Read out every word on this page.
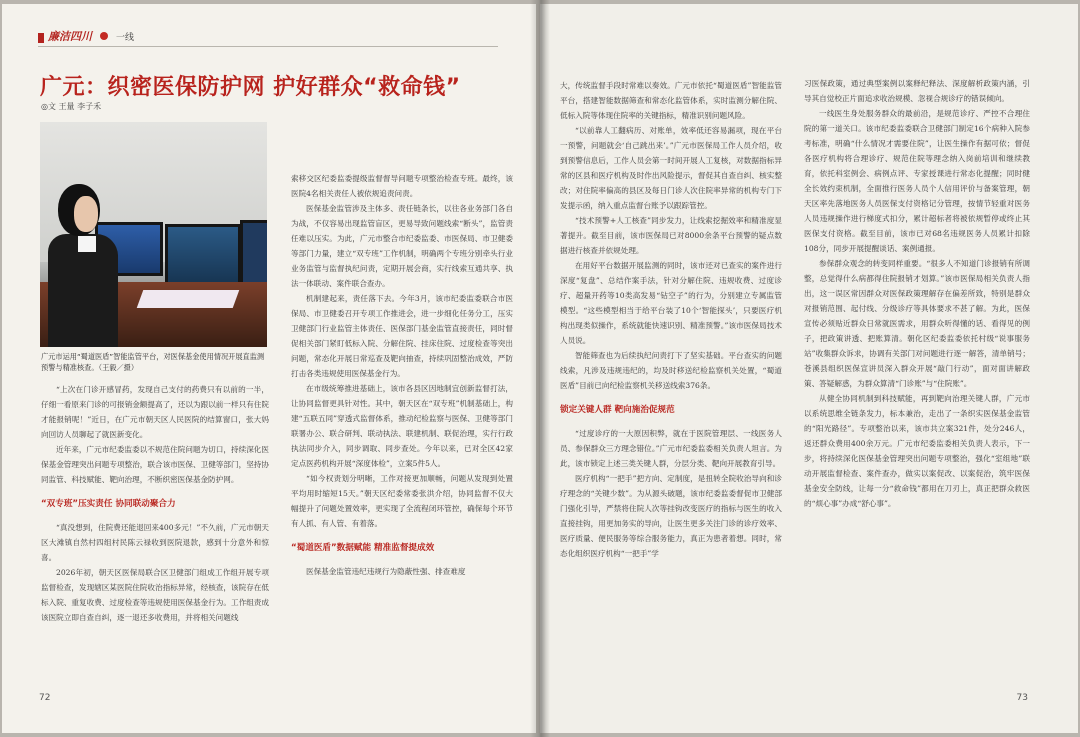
廉洁四川	一线
广元：织密医保防护网 护好群众“救命钱”
◎文 王量 李子禾
广元市运用“蜀道医盾”智能监管平台，对医保基金使用情况开展直监测预警与精准核查。（王毅／摄）

“上次在门诊开感冒药，发现自己支付的药费只有以前的一半，仔细一看原来门诊的可报销金额提高了，还以为跟以前一样只有住院才能报销呢！”近日，在广元市朝天区人民医院的结算窗口，张大妈向回访人员聊起了就医新变化。

近年来，广元市纪委监委以不规范住院问题为切口，持续深化医保基金管理突出问题专项整治，联合该市医保、卫健等部门，坚持协同监管、科技赋能、靶向治理，不断织密医保基金防护网。

“双专班”压实责任 协同联动聚合力

“真没想到，住院费还能退回来400多元！”不久前，广元市朝天区大滩镇自然村四组村民陈云禄收到医院退款，感到十分意外和惊喜。

2026年初，朝天区医保局联合区卫健部门组成工作组开展专项监督检查，发现辖区某医院住院收治指标异常，经核查，该院存在低标入院、重复收费、过度检查等违规使用医保基金行为。工作组责成该医院立即自查自纠，逐一退还多收费用，并将相关问题线

索移交区纪委监委提级监督督导问题专项整治检查专班。最终，该医院4名相关责任人被依规追责问责。

医保基金监管涉及主体多、责任链条长，以往各业务部门各自为战，不仅容易出现监管盲区，更易导致问题线索“断头”，监管责任难以压实。为此，广元市整合市纪委监委、市医保局、市卫健委等部门力量，建立“双专班”工作机制，明确两个专班分别牵头行业业务监管与监督执纪问责，定期开展会商，实行线索互通共享、执法一体联动、案件联合查办。

机制建起来，责任落下去。今年3月，该市纪委监委联合市医保局、市卫健委召开专项工作推进会，进一步细化任务分工，压实卫健部门行业监管主体责任、医保部门基金监管直接责任，同时督促相关部门紧盯低标入院、分解住院、挂床住院、过度检查等突出问题，常态化开展日常巡查及靶向抽查，持续巩固整治成效，严防打击各类违规使用医保基金行为。

在市级统筹推进基础上，该市各县区因地制宜创新监督打法，让协同监督更具针对性。其中，朝天区在“双专班”机制基础上，构建“五联五同”穿透式监督体系，推动纪检监察与医保、卫健等部门联署办公、联合研判、联动执法、联建机制、联促治理，实行行政执法同步介入，同步调取、同步查处。今年以来，已对全区42家定点医药机构开展“深度体检”，立案5件5人。

“如今权责划分明晰，工作对接更加顺畅，问题从发现到处置平均用时缩短15天。”朝天区纪委常委张洪介绍，协同监督不仅大幅提升了问题处置效率，更实现了全流程闭环管控，确保每个环节有人抓、有人管、有着落。

“蜀道医盾”数据赋能 精准监督提成效

医保基金监管违纪违规行为隐蔽性强、排查难度

72

大，传统监督手段时常难以奏效。广元市依托“蜀道医盾”智能监管平台，搭建智能数据筛查和常态化监管体系，实时监测分解住院、低标入院等体现住院率的关键指标，精准识别问题风险。

“以前靠人工翻病历、对账单，效率低还容易漏项，现在平台一预警，问题就会‘自己跳出来’。”广元市医保局工作人员介绍，收到预警信息后，工作人员会第一时间开展人工复核，对数据指标异常的区县和医疗机构及时作出风险提示，督促其自查自纠、核实整改；对住院率偏高的县区及每日门诊人次住院率异常的机构专门下发提示函，纳入重点监督台账予以跟踪管控。

“技术预警+人工核查”同步发力，让线索挖掘效率和精准度显著提升。截至目前，该市医保局已对8000余条平台预警的疑点数据进行核查并依规处理。

在用好平台数据开展监测的同时，该市还对已查实的案件进行深度“复盘”、总结作案手法，针对分解住院、违规收费、过度诊疗、超量开药等10类高发易“钻空子”的行为，分别建立专属监管模型。“这些模型相当于给平台装了10个‘智能探头’，只要医疗机构出现类似操作，系统就能快速识别、精准预警。”该市医保局技术人员说。

智能筛查也为后续执纪问责打下了坚实基础。平台查实的问题线索，凡涉及违规违纪的，均及时移送纪检监察机关处置，“蜀道医盾”目前已向纪检监察机关移送线索376条。

锁定关键人群 靶向施治促规范

“过度诊疗的一大原因积弊，就在于医院管理层、一线医务人员、参保群众三方理念错位。”广元市纪委监委相关负责人坦言。为此，该市锁定上述三类关键人群，分层分类、靶向开展教育引导。

医疗机构“一把手”把方向、定制度，是扭转全院收治导向和诊疗理念的“关键少数”。为从源头破题，该市纪委监委督促市卫健部门强化引导，严禁将住院人次等挂钩改变医疗的指标与医生的收入直接挂钩，用更加务实的导向，让医生更多关注门诊的诊疗效率、医疗质量、便民服务等综合服务能力，真正为患者着想。同时，常态化组织医疗机构“一把手”学

习医保政策，通过典型案例以案释纪释法、深度解析政策内涵，引导其自觉校正片面追求收治规模、忽视合规诊疗的错误倾向。

一线医生身处服务群众的最前沿，是规范诊疗、严控不合理住院的第一道关口。该市纪委监委联合卫健部门制定16个病种入院参考标准，明确“什么情况才需要住院”，让医生操作有据可依；督促各医疗机构将合理诊疗、规范住院等理念纳入岗前培训和继续教育，依托科室例会、病例点评、专家授课进行常态化提醒；同时健全长效约束机制，全面推行医务人员个人信用评价与备案管理，朝天区率先落地医务人员医保支付资格记分管理，按情节轻重对医务人员违规操作进行梯度式扣分，累计超标者将被依规暂停或终止其医保支付资格。截至目前，该市已对68名违规医务人员累计扣除108分，同步开展提醒谈话、案例通报。

参保群众观念的转变同样重要。“很多人不知道门诊报销有所调整，总觉得什么病都得住院报销才划算。”该市医保局相关负责人指出，这一误区常因群众对医保政策理解存在偏差所致，特别是群众对报销范围、起付线、分级诊疗等具体要求不甚了解。为此，医保宣传必须贴近群众日常就医需求，用群众听得懂的话、看得见的例子，把政策讲透、把账算清。朝化区纪委监委依托村级“说事服务站”收集群众诉求，协调有关部门对问题进行逐一解答，清单销号；苍溪县组织医保宣讲员深入群众开展“敲门行动”，面对面讲解政策、答疑解惑，为群众算清“门诊账”与“住院账”。

从健全协同机制到科技赋能，再到靶向治理关键人群，广元市以系统思维全链条发力，标本兼治，走出了一条织实医保基金监管的“阳光路径”。专项整治以来，该市共立案321件，处分246人，返还群众费用400余万元。广元市纪委监委相关负责人表示，下一步，将持续深化医保基金管理突出问题专项整治，强化“室组地”联动开展监督检查、案件查办，做实以案促改、以案促治，筑牢医保基金安全防线，让每一分“救命钱”都用在刀刃上，真正把群众救医的“烦心事”办成“舒心事”。

73
